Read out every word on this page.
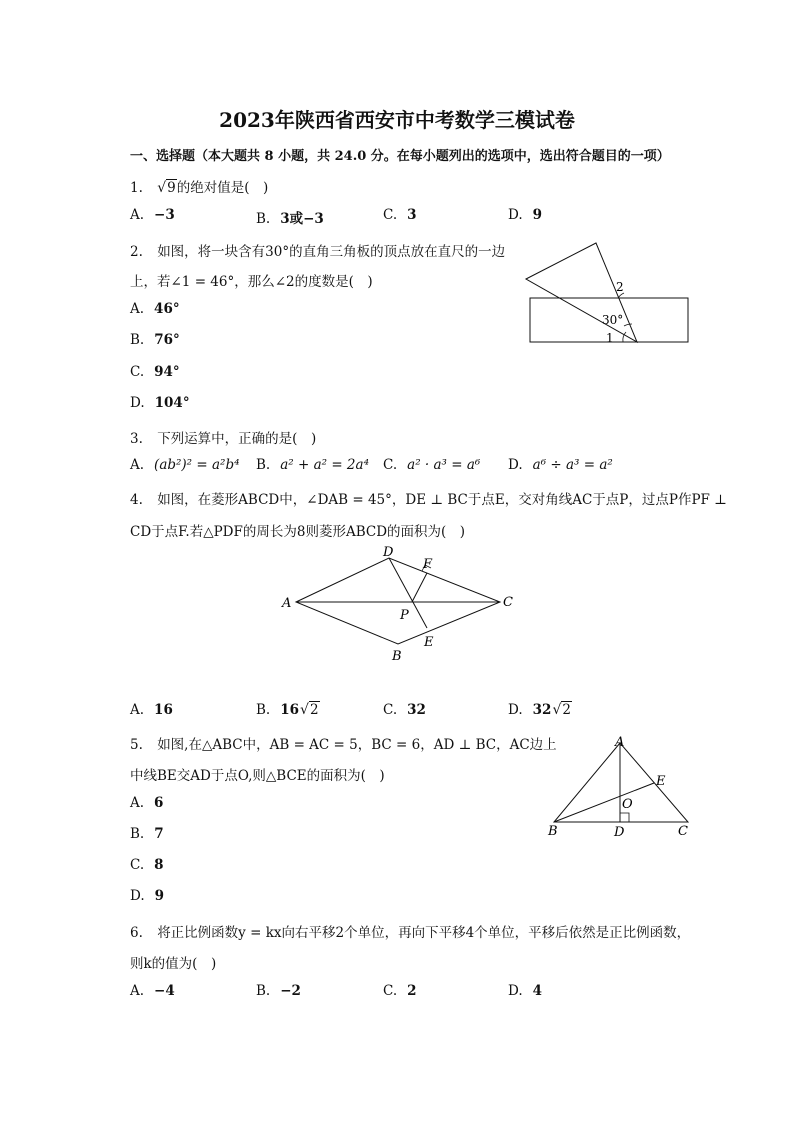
2023年陕西省西安市中考数学三模试卷
一、选择题（本大题共 8 小题，共 24.0 分。在每小题列出的选项中，选出符合题目的一项）
1. √9的绝对值是(　)
A. −3	B. 3或−3	C. 3	D. 9
2. 如图，将一块含有30°的直角三角板的顶点放在直尺的一边
上，若∠1 = 46°，那么∠2的度数是(　)
A. 46°
B. 76°
C. 94°
D. 104°
2
30°
1
3. 下列运算中，正确的是(　)
A. (ab²)² = a²b⁴ B. a² + a² = 2a⁴ C. a² · a³ = a⁶ D. a⁶ ÷ a³ = a²
4. 如图，在菱形ABCD中，∠DAB = 45°，DE ⊥ BC于点E，交对角线AC于点P，过点P作PF ⊥
CD于点F.若△PDF的周长为8则菱形ABCD的面积为(　)
A
D
F
C
P
E
B
A. 16	B. 16√2	C. 32	D. 32√2
5. 如图,在△ABC中，AB = AC = 5，BC = 6，AD ⊥ BC，AC边上
中线BE交AD于点O,则△BCE的面积为(　)
A. 6
B. 7
C. 8
D. 9
A
E
O
B	D	C
6. 将正比例函数y = kx向右平移2个单位，再向下平移4个单位，平移后依然是正比例函数，
则k的值为(　)
A. −4	B. −2	C. 2	D. 4
